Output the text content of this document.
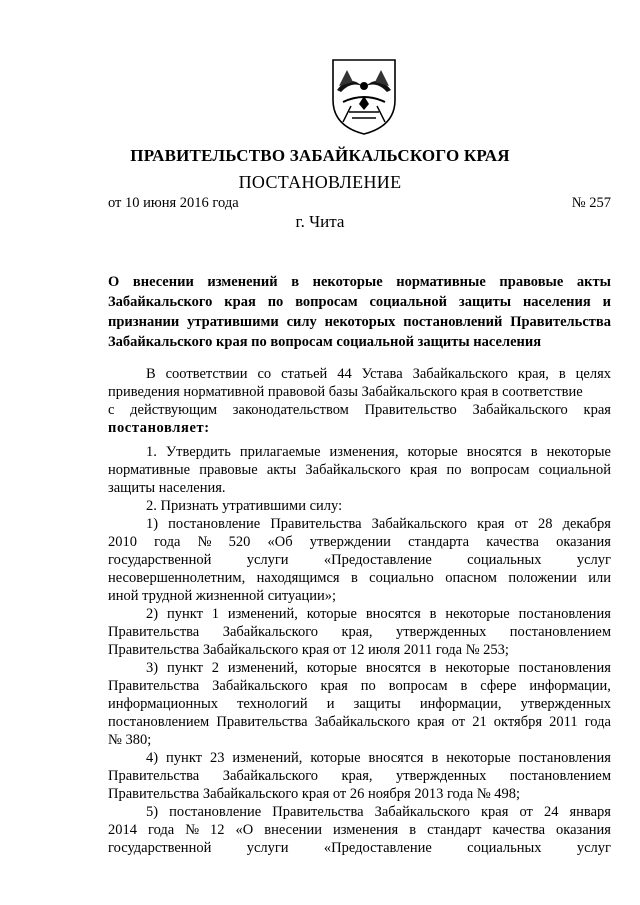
ПРАВИТЕЛЬСТВО ЗАБАЙКАЛЬСКОГО КРАЯ
ПОСТАНОВЛЕНИЕ
от 10 июня 2016 года	№ 257
г. Чита
О внесении изменений в некоторые нормативные правовые акты
Забайкальского края по вопросам социальной защиты населения и
признании утратившими силу некоторых постановлений Правительства
Забайкальского края по вопросам социальной защиты населения
В соответствии со статьей 44 Устава Забайкальского края, в целях
приведения нормативной правовой базы Забайкальского края в соответствие
с действующим законодательством Правительство Забайкальского края
постановляет:
1. Утвердить прилагаемые изменения, которые вносятся в некоторые
нормативные правовые акты Забайкальского края по вопросам социальной
защиты населения.
2. Признать утратившими силу:
1) постановление Правительства Забайкальского края от 28 декабря
2010 года № 520 «Об утверждении стандарта качества оказания
государственной услуги «Предоставление социальных услуг
несовершеннолетним, находящимся в социально опасном положении или
иной трудной жизненной ситуации»;
2) пункт 1 изменений, которые вносятся в некоторые постановления
Правительства Забайкальского края, утвержденных постановлением
Правительства Забайкальского края от 12 июля 2011 года № 253;
3) пункт 2 изменений, которые вносятся в некоторые постановления
Правительства Забайкальского края по вопросам в сфере информации,
информационных технологий и защиты информации, утвержденных
постановлением Правительства Забайкальского края от 21 октября 2011 года
№ 380;
4) пункт 23 изменений, которые вносятся в некоторые постановления
Правительства Забайкальского края, утвержденных постановлением
Правительства Забайкальского края от 26 ноября 2013 года № 498;
5) постановление Правительства Забайкальского края от 24 января
2014 года № 12 «О внесении изменения в стандарт качества оказания
государственной услуги «Предоставление социальных услуг
